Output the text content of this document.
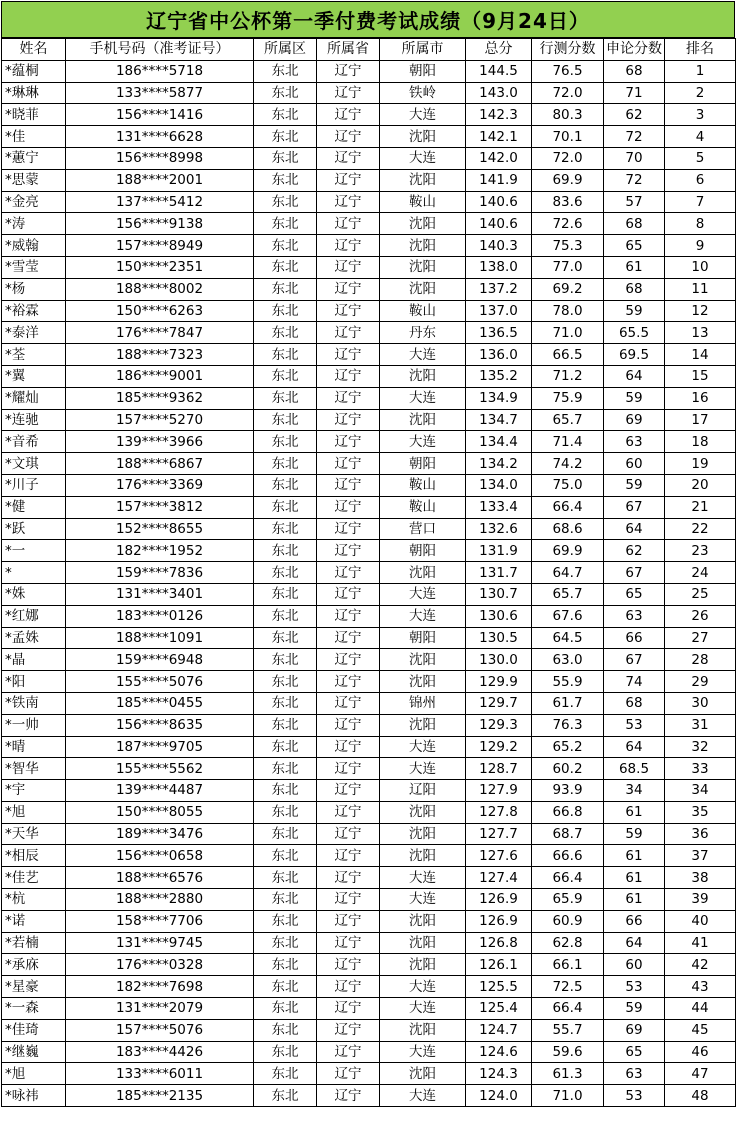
辽宁省中公杯第一季付费考试成绩（9月24日）
姓名	手机号码（准考证号）	所属区	所属省	所属市	总分	行测分数	申论分数	排名
*蕴桐	186****5718	东北	辽宁	朝阳	144.5	76.5	68	1
*琳琳	133****5877	东北	辽宁	铁岭	143.0	72.0	71	2
*晓菲	156****1416	东北	辽宁	大连	142.3	80.3	62	3
*佳	131****6628	东北	辽宁	沈阳	142.1	70.1	72	4
*蕙宁	156****8998	东北	辽宁	大连	142.0	72.0	70	5
*思蒙	188****2001	东北	辽宁	沈阳	141.9	69.9	72	6
*金亮	137****5412	东北	辽宁	鞍山	140.6	83.6	57	7
*涛	156****9138	东北	辽宁	沈阳	140.6	72.6	68	8
*威翰	157****8949	东北	辽宁	沈阳	140.3	75.3	65	9
*雪莹	150****2351	东北	辽宁	沈阳	138.0	77.0	61	10
*杨	188****8002	东北	辽宁	沈阳	137.2	69.2	68	11
*裕霖	150****6263	东北	辽宁	鞍山	137.0	78.0	59	12
*泰洋	176****7847	东北	辽宁	丹东	136.5	71.0	65.5	13
*荃	188****7323	东北	辽宁	大连	136.0	66.5	69.5	14
*翼	186****9001	东北	辽宁	沈阳	135.2	71.2	64	15
*耀灿	185****9362	东北	辽宁	大连	134.9	75.9	59	16
*连驰	157****5270	东北	辽宁	沈阳	134.7	65.7	69	17
*音希	139****3966	东北	辽宁	大连	134.4	71.4	63	18
*文琪	188****6867	东北	辽宁	朝阳	134.2	74.2	60	19
*川子	176****3369	东北	辽宁	鞍山	134.0	75.0	59	20
*健	157****3812	东北	辽宁	鞍山	133.4	66.4	67	21
*跃	152****8655	东北	辽宁	营口	132.6	68.6	64	22
*一	182****1952	东北	辽宁	朝阳	131.9	69.9	62	23
*	159****7836	东北	辽宁	沈阳	131.7	64.7	67	24
*姝	131****3401	东北	辽宁	大连	130.7	65.7	65	25
*红娜	183****0126	东北	辽宁	大连	130.6	67.6	63	26
*孟姝	188****1091	东北	辽宁	朝阳	130.5	64.5	66	27
*晶	159****6948	东北	辽宁	沈阳	130.0	63.0	67	28
*阳	155****5076	东北	辽宁	沈阳	129.9	55.9	74	29
*铁南	185****0455	东北	辽宁	锦州	129.7	61.7	68	30
*一帅	156****8635	东北	辽宁	沈阳	129.3	76.3	53	31
*晴	187****9705	东北	辽宁	大连	129.2	65.2	64	32
*智华	155****5562	东北	辽宁	大连	128.7	60.2	68.5	33
*宇	139****4487	东北	辽宁	辽阳	127.9	93.9	34	34
*旭	150****8055	东北	辽宁	沈阳	127.8	66.8	61	35
*天华	189****3476	东北	辽宁	沈阳	127.7	68.7	59	36
*相辰	156****0658	东北	辽宁	沈阳	127.6	66.6	61	37
*佳艺	188****6576	东北	辽宁	大连	127.4	66.4	61	38
*杭	188****2880	东北	辽宁	大连	126.9	65.9	61	39
*诺	158****7706	东北	辽宁	沈阳	126.9	60.9	66	40
*若楠	131****9745	东北	辽宁	沈阳	126.8	62.8	64	41
*承庥	176****0328	东北	辽宁	沈阳	126.1	66.1	60	42
*星豪	182****7698	东北	辽宁	大连	125.5	72.5	53	43
*一森	131****2079	东北	辽宁	大连	125.4	66.4	59	44
*佳琦	157****5076	东北	辽宁	沈阳	124.7	55.7	69	45
*继巍	183****4426	东北	辽宁	大连	124.6	59.6	65	46
*旭	133****6011	东北	辽宁	沈阳	124.3	61.3	63	47
*咏祎	185****2135	东北	辽宁	大连	124.0	71.0	53	48
